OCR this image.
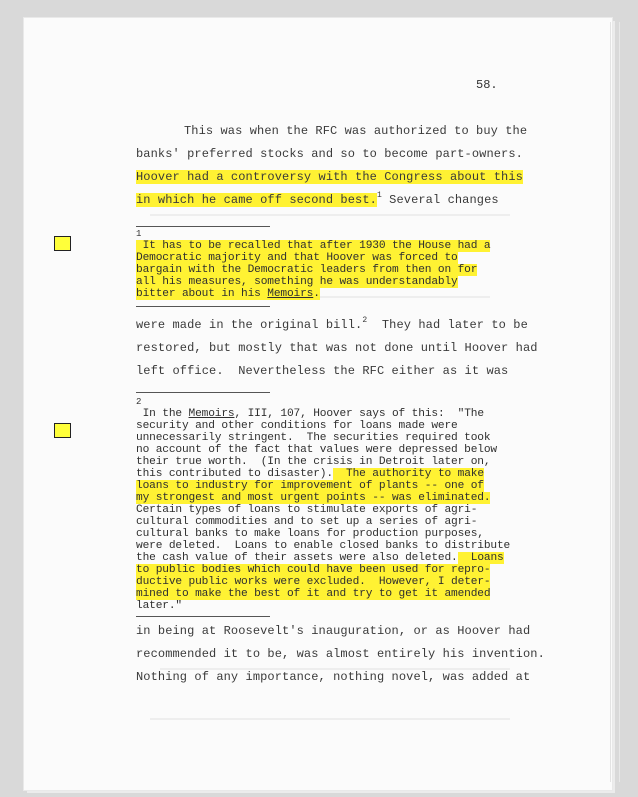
58.
This was when the RFC was authorized to buy the
banks' preferred stocks and so to become part-owners.
Hoover had a controversy with the Congress about this
in which he came off second best.$^1$ Several changes
1
It has to be recalled that after 1930 the House had a
Democratic majority and that Hoover was forced to
bargain with the Democratic leaders from then on for
all his measures, something he was understandably
bitter about in his Memoirs.
were made in the original bill.$^2$  They had later to be
restored, but mostly that was not done until Hoover had
left office.  Nevertheless the RFC either as it was
2
In the Memoirs, III, 107, Hoover says of this:  "The
security and other conditions for loans made were
unnecessarily stringent.  The securities required took
no account of the fact that values were depressed below
their true worth.  (In the crisis in Detroit later on,
this contributed to disaster).  The authority to make
loans to industry for improvement of plants -- one of
my strongest and most urgent points -- was eliminated.
Certain types of loans to stimulate exports of agri-
cultural commodities and to set up a series of agri-
cultural banks to make loans for production purposes,
were deleted.  Loans to enable closed banks to distribute
the cash value of their assets were also deleted.  Loans
to public bodies which could have been used for repro-
ductive public works were excluded.  However, I deter-
mined to make the best of it and try to get it amended
later."
in being at Roosevelt's inauguration, or as Hoover had
recommended it to be, was almost entirely his invention.
Nothing of any importance, nothing novel, was added at
